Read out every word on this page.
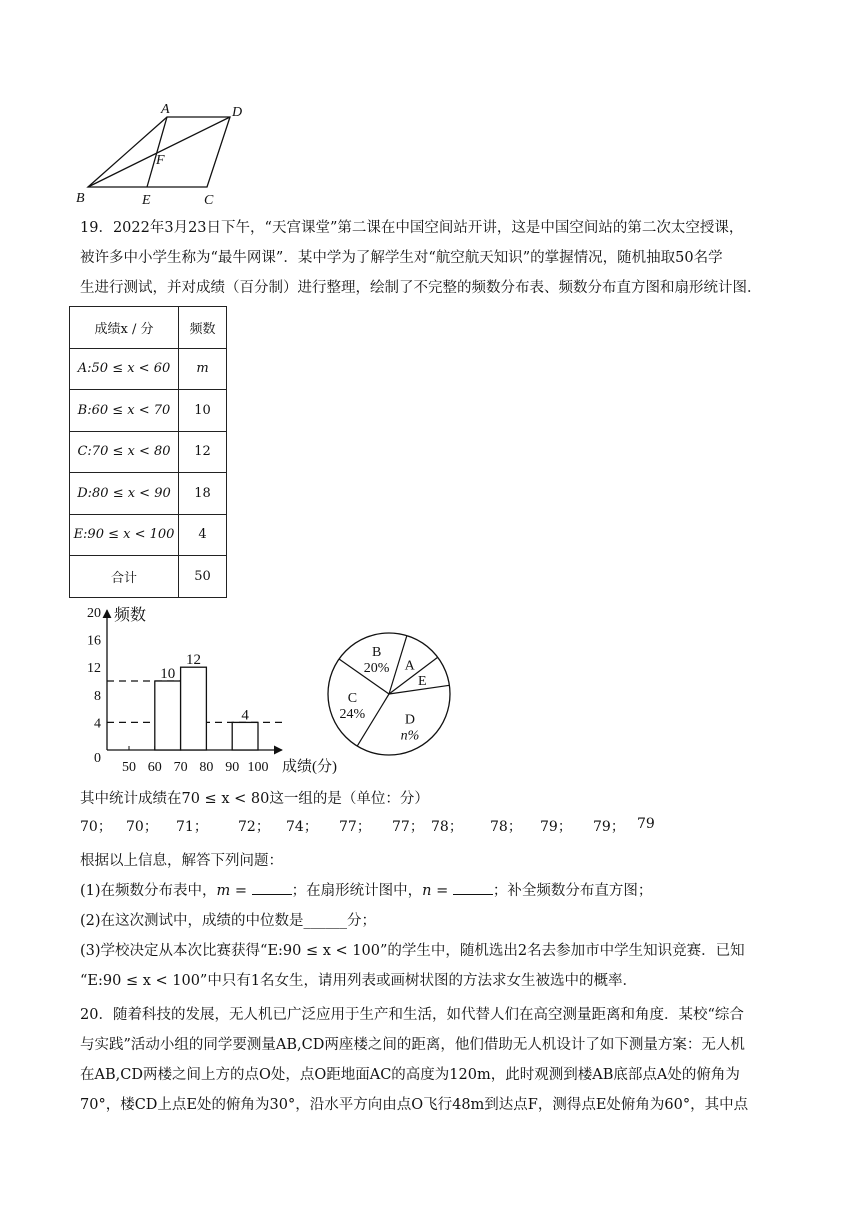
A	D
F
B	E	C
19．2022年3月23日下午，“天宫课堂”第二课在中国空间站开讲，这是中国空间站的第二次太空授课，
被许多中小学生称为“最牛网课”．某中学为了解学生对“航空航天知识”的掌握情况，随机抽取50名学
生进行测试，并对成绩（百分制）进行整理，绘制了不完整的频数分布表、频数分布直方图和扇形统计图．
成绩x / 分	频数
A:50 ≤ x < 60	m
B:60 ≤ x < 70	10
C:70 ≤ x < 80	12
D:80 ≤ x < 90	18
E:90 ≤ x < 100	4
合计	50
频数
成绩(分)
0
4
8
12
16
20
50 60 70 80 90 100
10
12
4
B
20% A
E
D
n%
C
24%
其中统计成绩在70 ≤ x < 80这一组的是（单位：分）
70； 70； 71； 72； 74； 77； 77； 78； 78； 79； 79； 79
根据以上信息，解答下列问题：
(1)在频数分布表中，m =	；在扇形统计图中，n =	；补全频数分布直方图；
(2)在这次测试中，成绩的中位数是______分；
(3)学校决定从本次比赛获得“E:90 ≤ x < 100”的学生中，随机选出2名去参加市中学生知识竞赛．已知
“E:90 ≤ x < 100”中只有1名女生，请用列表或画树状图的方法求女生被选中的概率．
20．随着科技的发展，无人机已广泛应用于生产和生活，如代替人们在高空测量距离和角度．某校“综合
与实践”活动小组的同学要测量AB,CD两座楼之间的距离，他们借助无人机设计了如下测量方案：无人机
在AB,CD两楼之间上方的点O处，点O距地面AC的高度为120m，此时观测到楼AB底部点A处的俯角为
70°，楼CD上点E处的俯角为30°，沿水平方向由点O飞行48m到达点F，测得点E处俯角为60°，其中点
